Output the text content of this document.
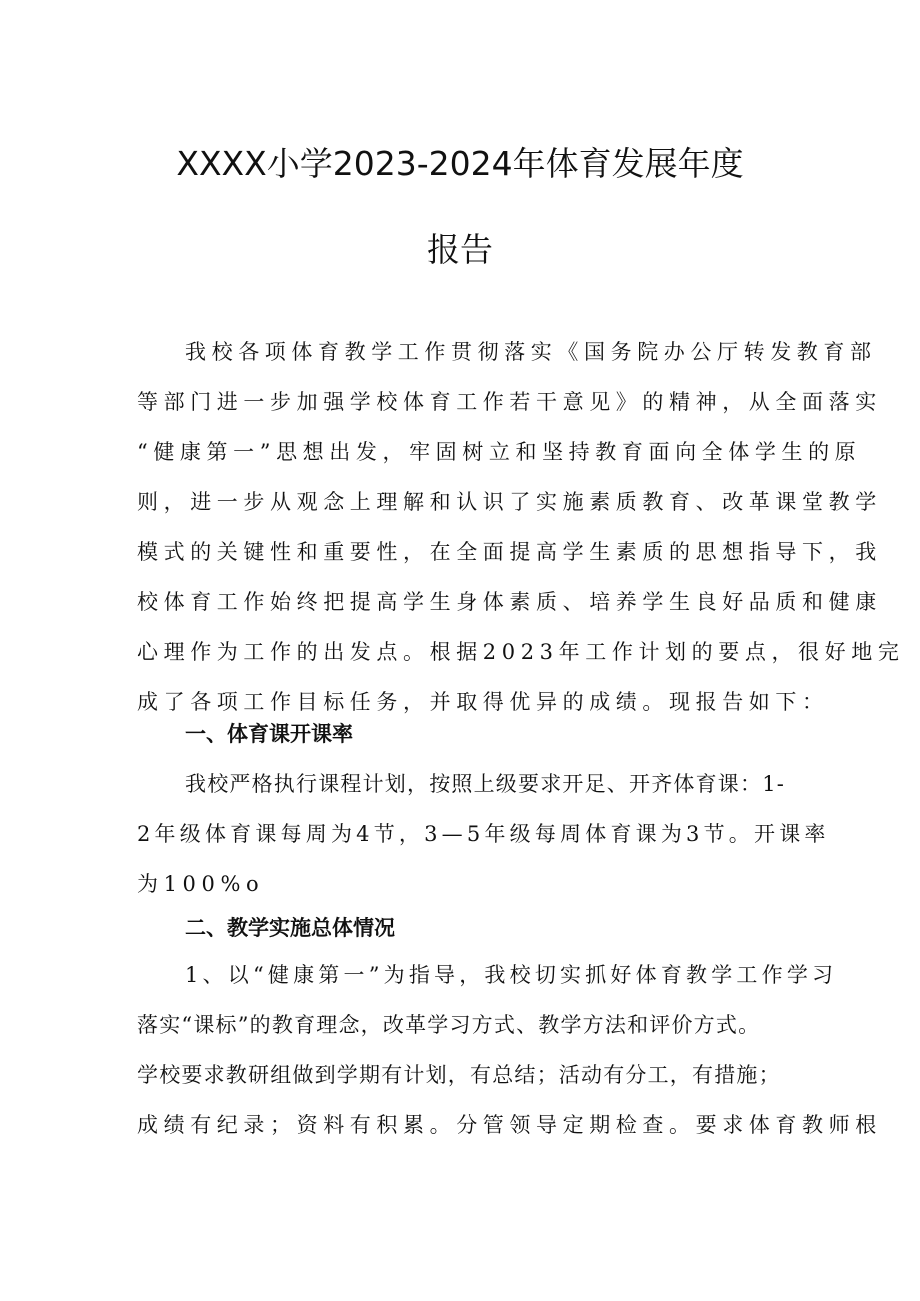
XXXX小学2023-2024年体育发展年度
报告
我校各项体育教学工作贯彻落实《国务院办公厅转发教育部
等部门进一步加强学校体育工作若干意见》的精神，从全面落实
“健康第一”思想出发，牢固树立和坚持教育面向全体学生的原
则，进一步从观念上理解和认识了实施素质教育、改革课堂教学
模式的关键性和重要性，在全面提高学生素质的思想指导下，我
校体育工作始终把提高学生身体素质、培养学生良好品质和健康
心理作为工作的出发点。根据2023年工作计划的要点，很好地完
成了各项工作目标任务，并取得优异的成绩。现报告如下：
一、体育课开课率
我校严格执行课程计划，按照上级要求开足、开齐体育课：1-
2年级体育课每周为4节，3—5年级每周体育课为3节。开课率
为100%o
二、教学实施总体情况
1、以“健康第一”为指导，我校切实抓好体育教学工作学习
落实“课标”的教育理念，改革学习方式、教学方法和评价方式。
学校要求教研组做到学期有计划，有总结；活动有分工，有措施；
成绩有纪录；资料有积累。分管领导定期检查。要求体育教师根
